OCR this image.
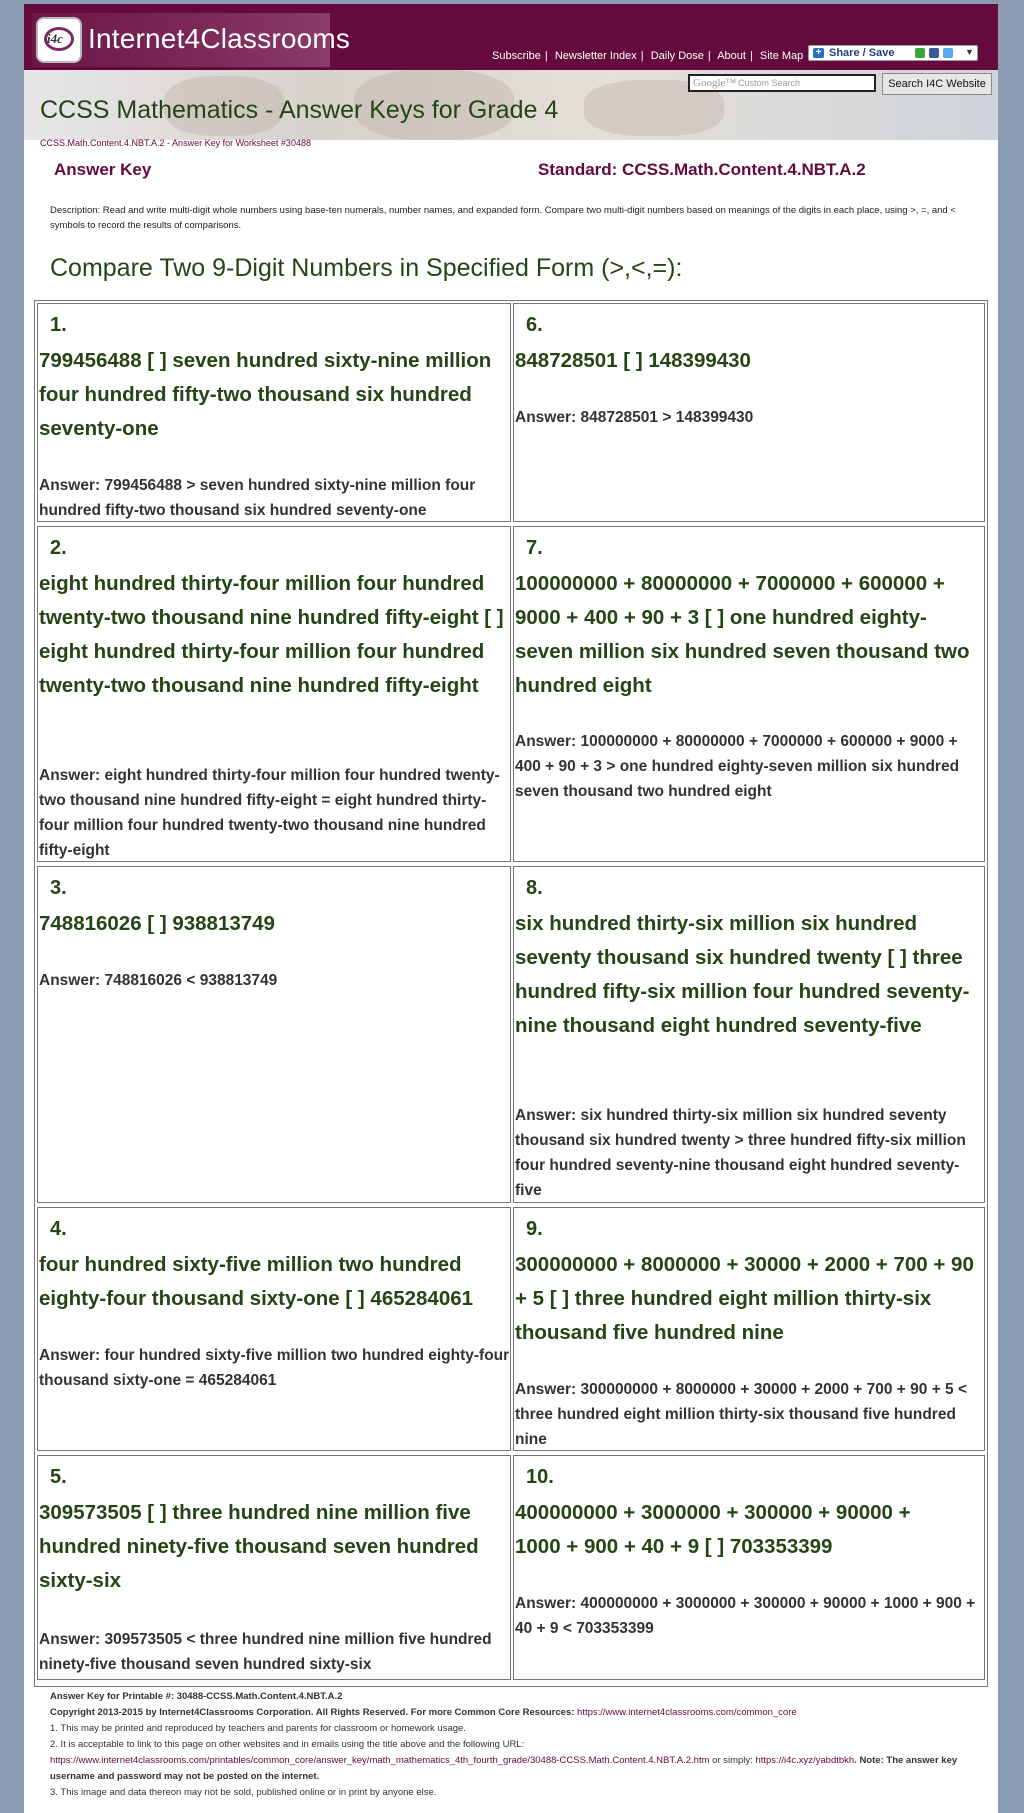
i4c Internet4Classrooms
Subscribe | Newsletter Index | Daily Dose | About | Site Map + Share / Save	▼
Google™ Custom Search	Search I4C Website
CCSS Mathematics - Answer Keys for Grade 4
CCSS.Math.Content.4.NBT.A.2 - Answer Key for Worksheet #30488
Answer Key	Standard: CCSS.Math.Content.4.NBT.A.2
Description: Read and write multi-digit whole numbers using base-ten numerals, number names, and expanded form. Compare two multi-digit numbers based on meanings of the digits in each place, using >, =, and < symbols to record the results of comparisons.
Compare Two 9-Digit Numbers in Specified Form (>,<,=):
1.
799456488 [ ] seven hundred sixty-nine million four hundred fifty-two thousand six hundred seventy-one
Answer: 799456488 > seven hundred sixty-nine million four hundred fifty-two thousand six hundred seventy-one
2.
eight hundred thirty-four million four hundred twenty-two thousand nine hundred fifty-eight [ ] eight hundred thirty-four million four hundred twenty-two thousand nine hundred fifty-eight
Answer: eight hundred thirty-four million four hundred twenty-two thousand nine hundred fifty-eight = eight hundred thirty-four million four hundred twenty-two thousand nine hundred fifty-eight
3.
748816026 [ ] 938813749
Answer: 748816026 < 938813749
4.
four hundred sixty-five million two hundred eighty-four thousand sixty-one [ ] 465284061
Answer: four hundred sixty-five million two hundred eighty-four thousand sixty-one = 465284061
5.
309573505 [ ] three hundred nine million five hundred ninety-five thousand seven hundred sixty-six
Answer: 309573505 < three hundred nine million five hundred ninety-five thousand seven hundred sixty-six
6.
848728501 [ ] 148399430
Answer: 848728501 > 148399430
7.
100000000 + 80000000 + 7000000 + 600000 + 9000 + 400 + 90 + 3 [ ] one hundred eighty-seven million six hundred seven thousand two hundred eight
Answer: 100000000 + 80000000 + 7000000 + 600000 + 9000 + 400 + 90 + 3 > one hundred eighty-seven million six hundred seven thousand two hundred eight
8.
six hundred thirty-six million six hundred seventy thousand six hundred twenty [ ] three hundred fifty-six million four hundred seventy-nine thousand eight hundred seventy-five
Answer: six hundred thirty-six million six hundred seventy thousand six hundred twenty > three hundred fifty-six million four hundred seventy-nine thousand eight hundred seventy-five
9.
300000000 + 8000000 + 30000 + 2000 + 700 + 90 + 5 [ ] three hundred eight million thirty-six thousand five hundred nine
Answer: 300000000 + 8000000 + 30000 + 2000 + 700 + 90 + 5 < three hundred eight million thirty-six thousand five hundred nine
10.
400000000 + 3000000 + 300000 + 90000 + 1000 + 900 + 40 + 9 [ ] 703353399
Answer: 400000000 + 3000000 + 300000 + 90000 + 1000 + 900 + 40 + 9 < 703353399
Answer Key for Printable #: 30488-CCSS.Math.Content.4.NBT.A.2
Copyright 2013-2015 by Internet4Classrooms Corporation. All Rights Reserved. For more Common Core Resources: https://www.internet4classrooms.com/common_core
1. This may be printed and reproduced by teachers and parents for classroom or homework usage.
2. It is acceptable to link to this page on other websites and in emails using the title above and the following URL:
https://www.internet4classrooms.com/printables/common_core/answer_key/math_mathematics_4th_fourth_grade/30488-CCSS.Math.Content.4.NBT.A.2.htm or simply: https://i4c.xyz/yabdtbkh. Note: The answer key username and password may not be posted on the internet.
3. This image and data thereon may not be sold, published online or in print by anyone else.
